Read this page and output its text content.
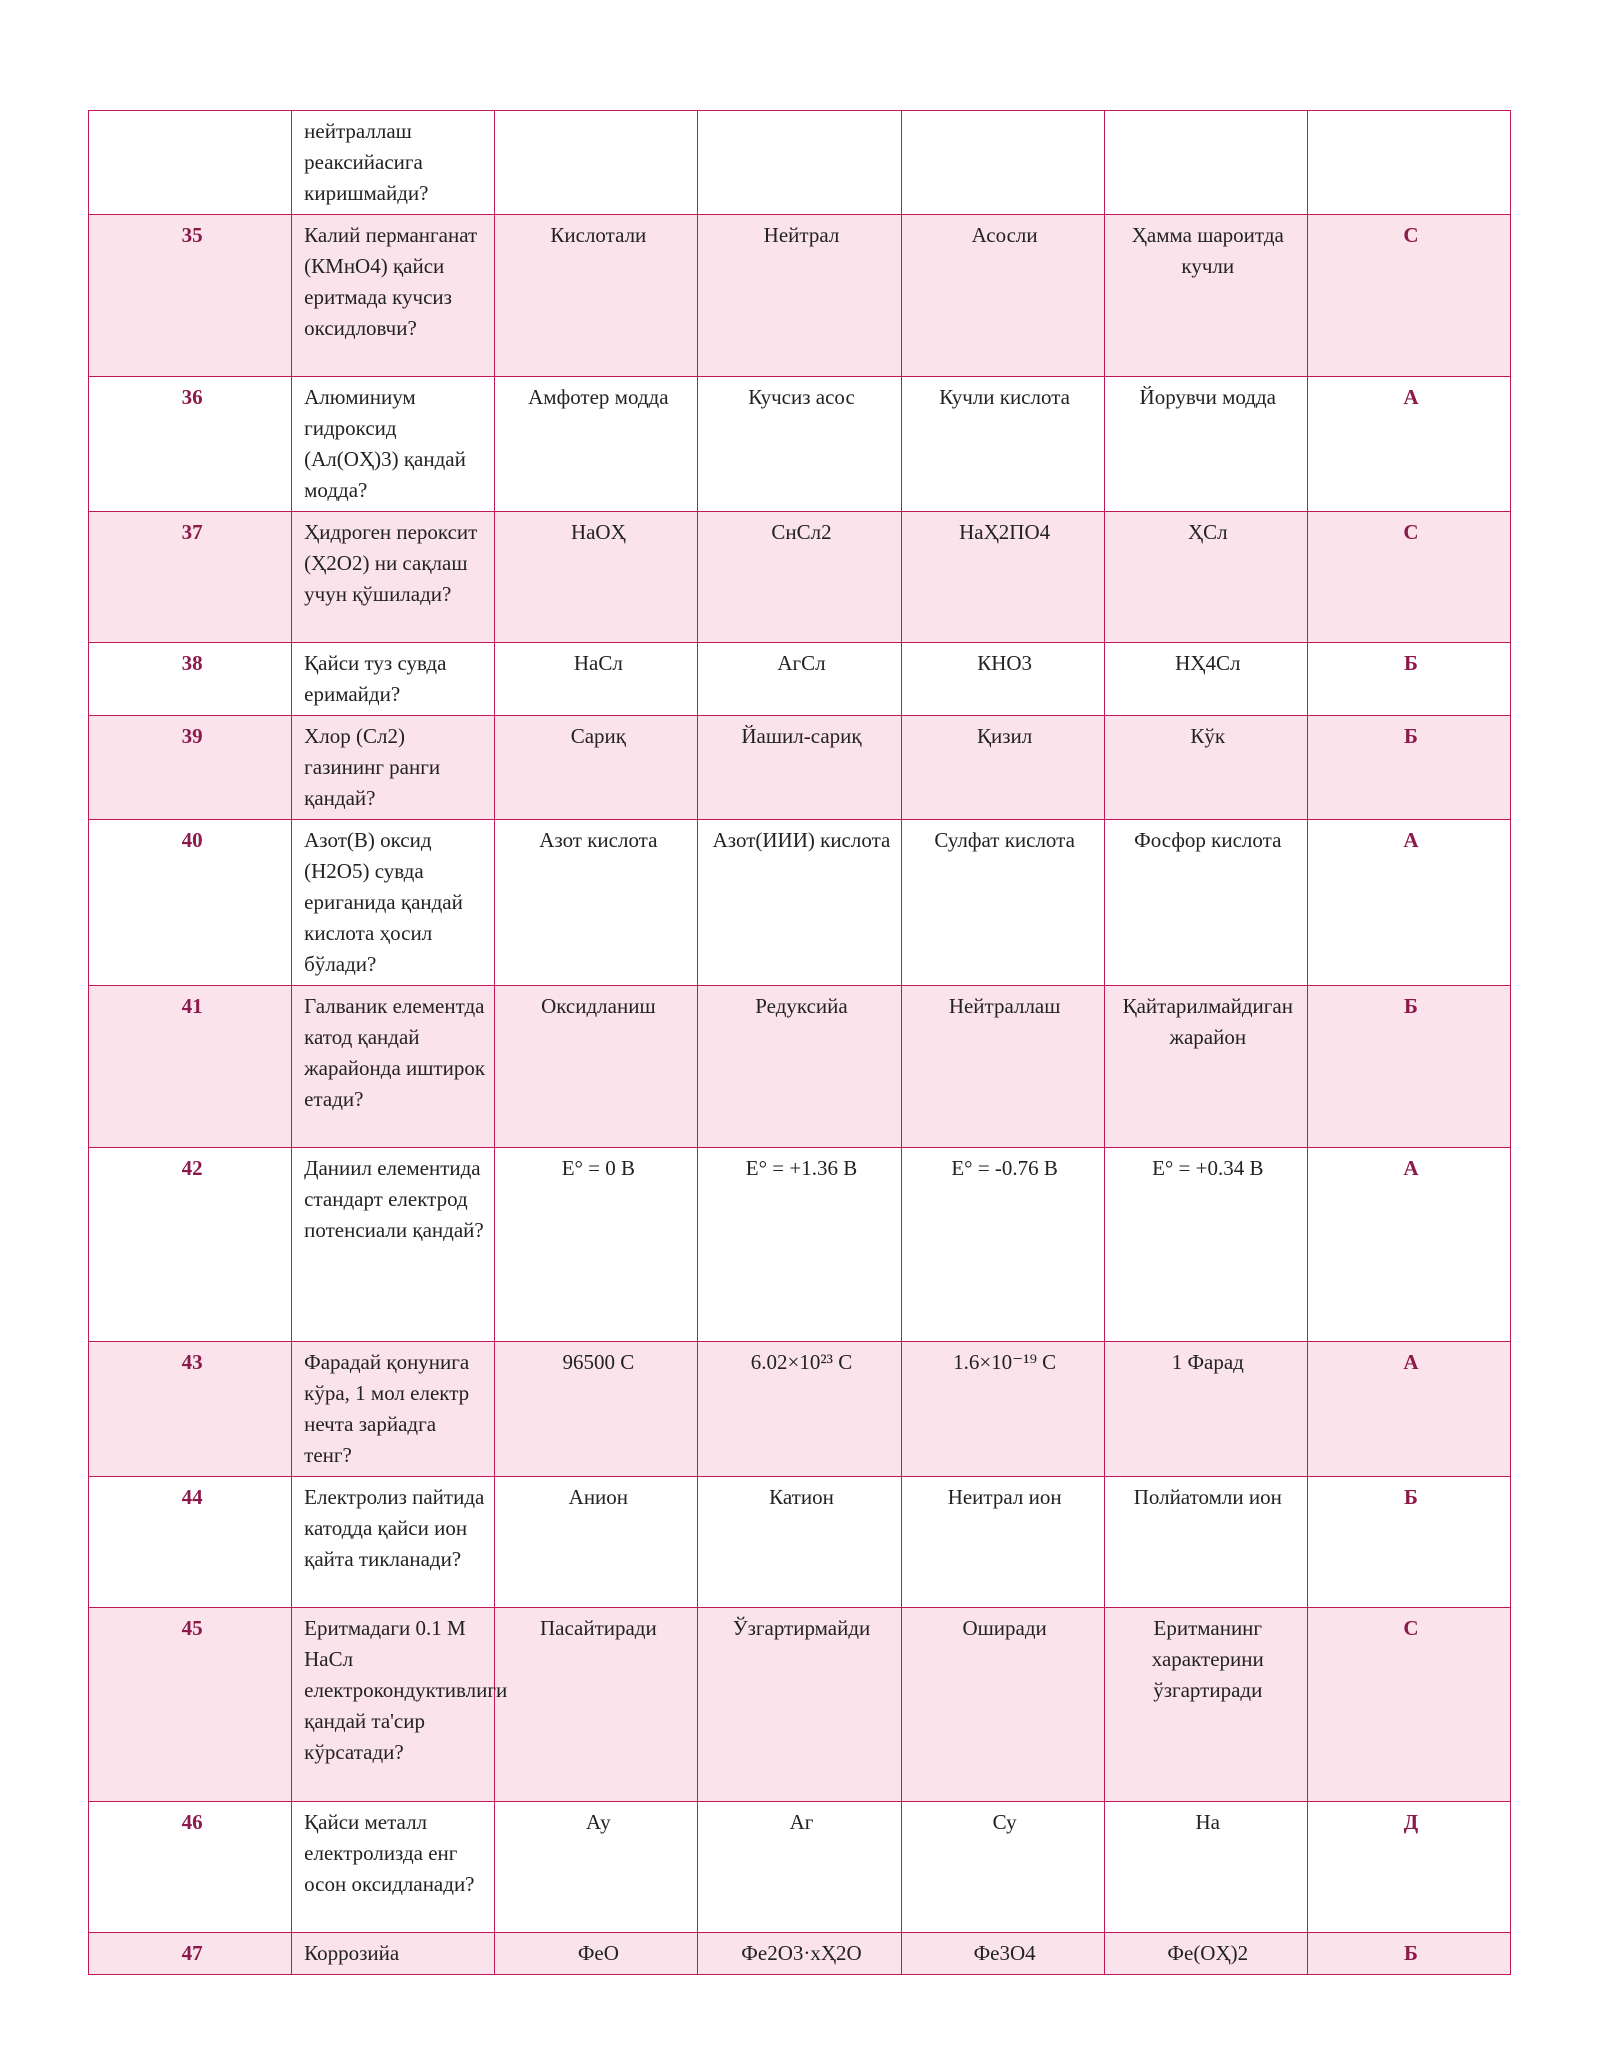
	нейтраллаш реаксийасига киришмайди?					
35	Калий перманганат (КМнО4) қайси еритмада кучсиз оксидловчи?	Кислотали	Нейтрал	Асосли	Ҳамма шароитда кучли	С
36	Алюминиум гидроксид (Ал(ОҲ)3) қандай модда?	Амфотер модда	Кучсиз асос	Кучли кислота	Йорувчи модда	А
37	Ҳидроген пероксит (Ҳ2О2) ни сақлаш учун қўшилади?	НаОҲ	СнСл2	НаҲ2ПО4	ҲСл	С
38	Қайси туз сувда еримайди?	НаСл	АгСл	КНО3	НҲ4Сл	Б
39	Хлор (Сл2) газининг ранги қандай?	Сариқ	Йашил-сариқ	Қизил	Кўк	Б
40	Азот(В) оксид (Н2О5) сувда ериганида қандай кислота ҳосил бўлади?	Азот кислота	Азот(ИИИ) кислота	Сулфат кислота	Фосфор кислота	А
41	Галваник елементда катод қандай жарайонда иштирок етади?	Оксидланиш	Редуксийа	Нейтраллаш	Қайтарилмайдиган жарайон	Б
42	Даниил елементида стандарт електрод потенсиали қандай?	E° = 0 В	E° = +1.36 В	E° = -0.76 В	E° = +0.34 В	А
43	Фарадай қонунига кўра, 1 мол електр нечта зарйадга тенг?	96500 С	6.02×10²³ С	1.6×10⁻¹⁹ С	1 Фарад	А
44	Електролиз пайтида катодда қайси ион қайта тикланади?	Анион	Катион	Неитрал ион	Полйатомли ион	Б
45	Еритмадаги 0.1 М НаСл електрокондуктивлиги қандай та'сир кўрсатади?	Пасайтиради	Ўзгартирмайди	Оширади	Еритманинг характерини ўзгартиради	С
46	Қайси металл електролизда енг осон оксидланади?	Ау	Аг	Су	На	Д
47	Коррозийа	ФеО	Фе2О3·хҲ2О	Фе3О4	Фе(ОҲ)2	Б
